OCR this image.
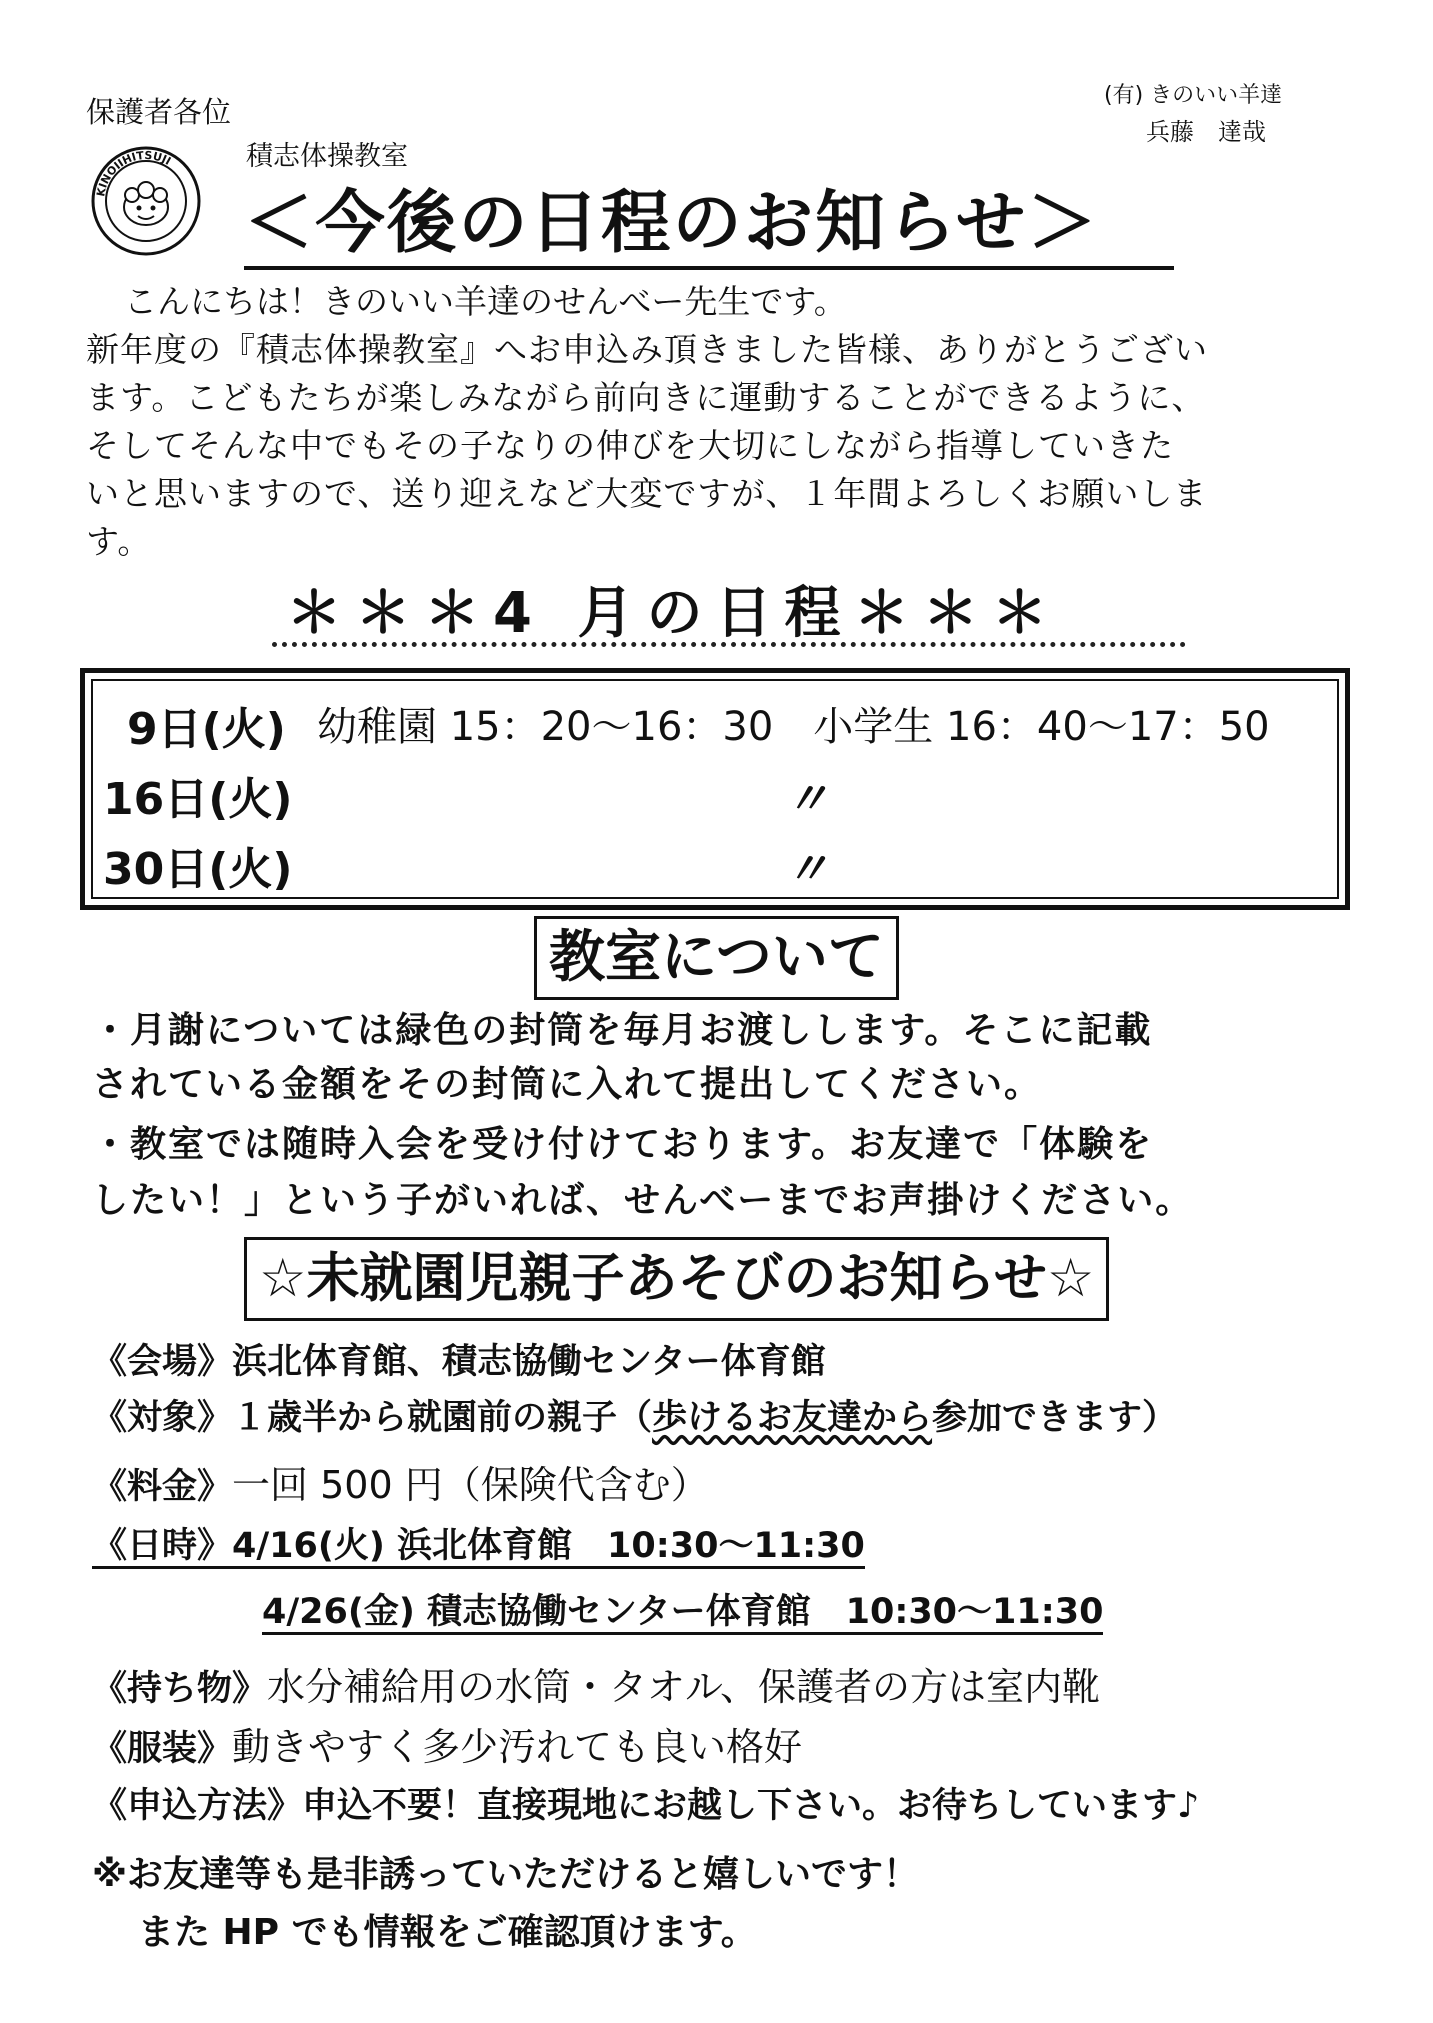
保護者各位	(有) きのいい羊達
兵藤　達哉
積志体操教室
KINOIIHITSUJI
＜今後の日程のお知らせ＞
こんにちは！きのいい羊達のせんべー先生です。
新年度の『積志体操教室』へお申込み頂きました皆様、ありがとうござい
ます。こどもたちが楽しみながら前向きに運動することができるように、
そしてそんな中でもその子なりの伸びを大切にしながら指導していきた
いと思いますので、送り迎えなど大変ですが、１年間よろしくお願いしま
す。
＊＊＊4 月の日程＊＊＊
9日(火) 幼稚園 15：20～16：30　小学生 16：40～17：50
16日(火)	〃
30日(火)	〃
教室について
・月謝については緑色の封筒を毎月お渡しします。そこに記載
されている金額をその封筒に入れて提出してください。
・教室では随時入会を受け付けております。お友達で「体験を
したい！」という子がいれば、せんべーまでお声掛けください。
☆未就園児親子あそびのお知らせ☆
《会場》浜北体育館、積志協働センター体育館
《対象》１歳半から就園前の親子（歩けるお友達から参加できます）
《料金》一回 500 円（保険代含む）
《日時》4/16(火) 浜北体育館　10:30～11:30
4/26(金) 積志協働センター体育館　10:30～11:30
《持ち物》水分補給用の水筒・タオル、保護者の方は室内靴
《服装》動きやすく多少汚れても良い格好
《申込方法》申込不要！直接現地にお越し下さい。お待ちしています♪
※お友達等も是非誘っていただけると嬉しいです！
また HP でも情報をご確認頂けます。
